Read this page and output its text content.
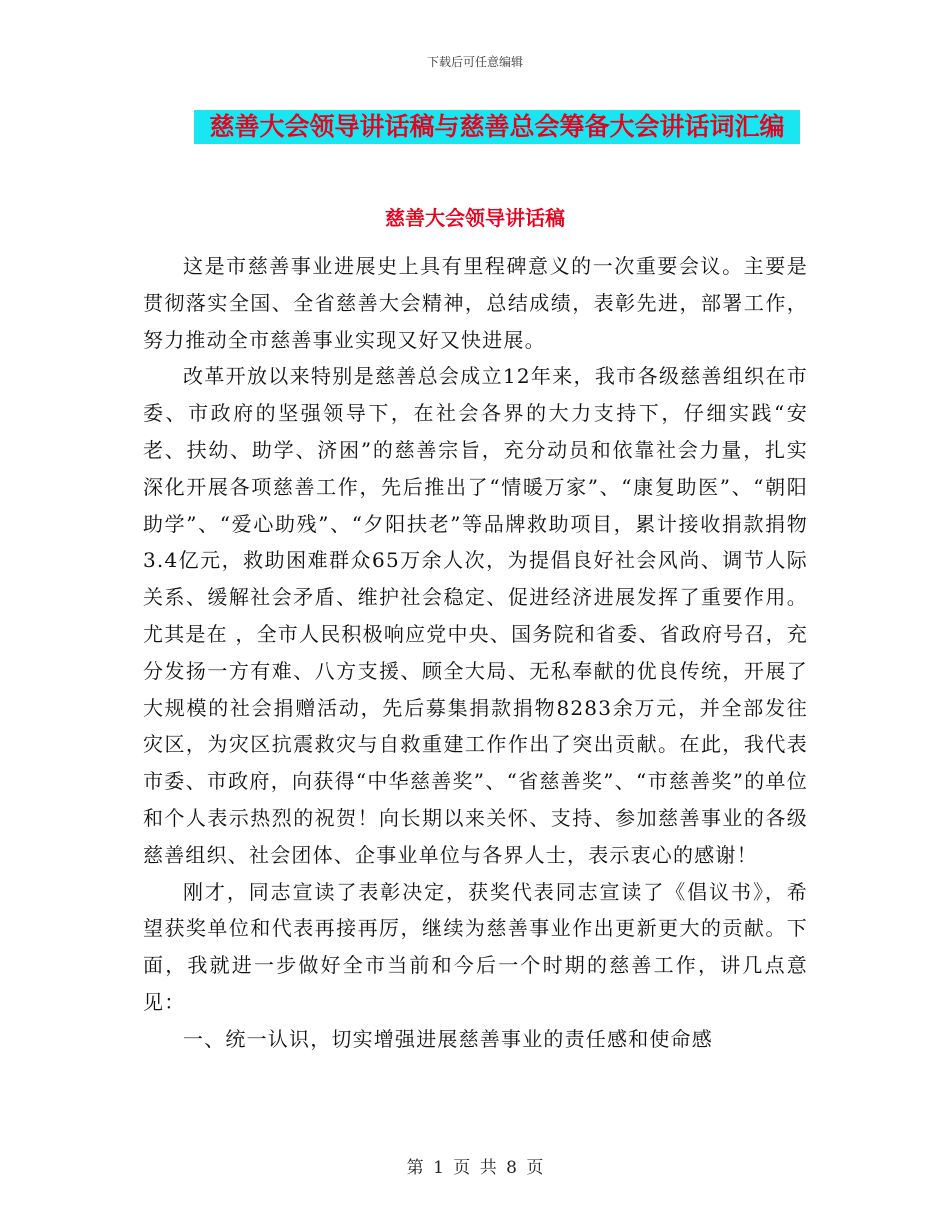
下载后可任意编辑
慈善大会领导讲话稿与慈善总会筹备大会讲话词汇编
慈善大会领导讲话稿

这是市慈善事业进展史上具有里程碑意义的一次重要会议。主要是贯彻落实全国、全省慈善大会精神，总结成绩，表彰先进，部署工作，努力推动全市慈善事业实现又好又快进展。

改革开放以来特别是慈善总会成立12年来，我市各级慈善组织在市委、市政府的坚强领导下，在社会各界的大力支持下，仔细实践“安老、扶幼、助学、济困”的慈善宗旨，充分动员和依靠社会力量，扎实深化开展各项慈善工作，先后推出了“情暖万家”、“康复助医”、“朝阳助学”、“爱心助残”、“夕阳扶老”等品牌救助项目，累计接收捐款捐物3.4亿元，救助困难群众65万余人次，为提倡良好社会风尚、调节人际关系、缓解社会矛盾、维护社会稳定、促进经济进展发挥了重要作用。尤其是在 ，全市人民积极响应党中央、国务院和省委、省政府号召，充分发扬一方有难、八方支援、顾全大局、无私奉献的优良传统，开展了大规模的社会捐赠活动，先后募集捐款捐物8283余万元，并全部发往灾区，为灾区抗震救灾与自救重建工作作出了突出贡献。在此，我代表市委、市政府，向获得“中华慈善奖”、“省慈善奖”、“市慈善奖”的单位和个人表示热烈的祝贺！向长期以来关怀、支持、参加慈善事业的各级慈善组织、社会团体、企事业单位与各界人士，表示衷心的感谢！

刚才，同志宣读了表彰决定，获奖代表同志宣读了《倡议书》，希望获奖单位和代表再接再厉，继续为慈善事业作出更新更大的贡献。下面，我就进一步做好全市当前和今后一个时期的慈善工作，讲几点意见：

一、统一认识，切实增强进展慈善事业的责任感和使命感

第 1 页 共 8 页
